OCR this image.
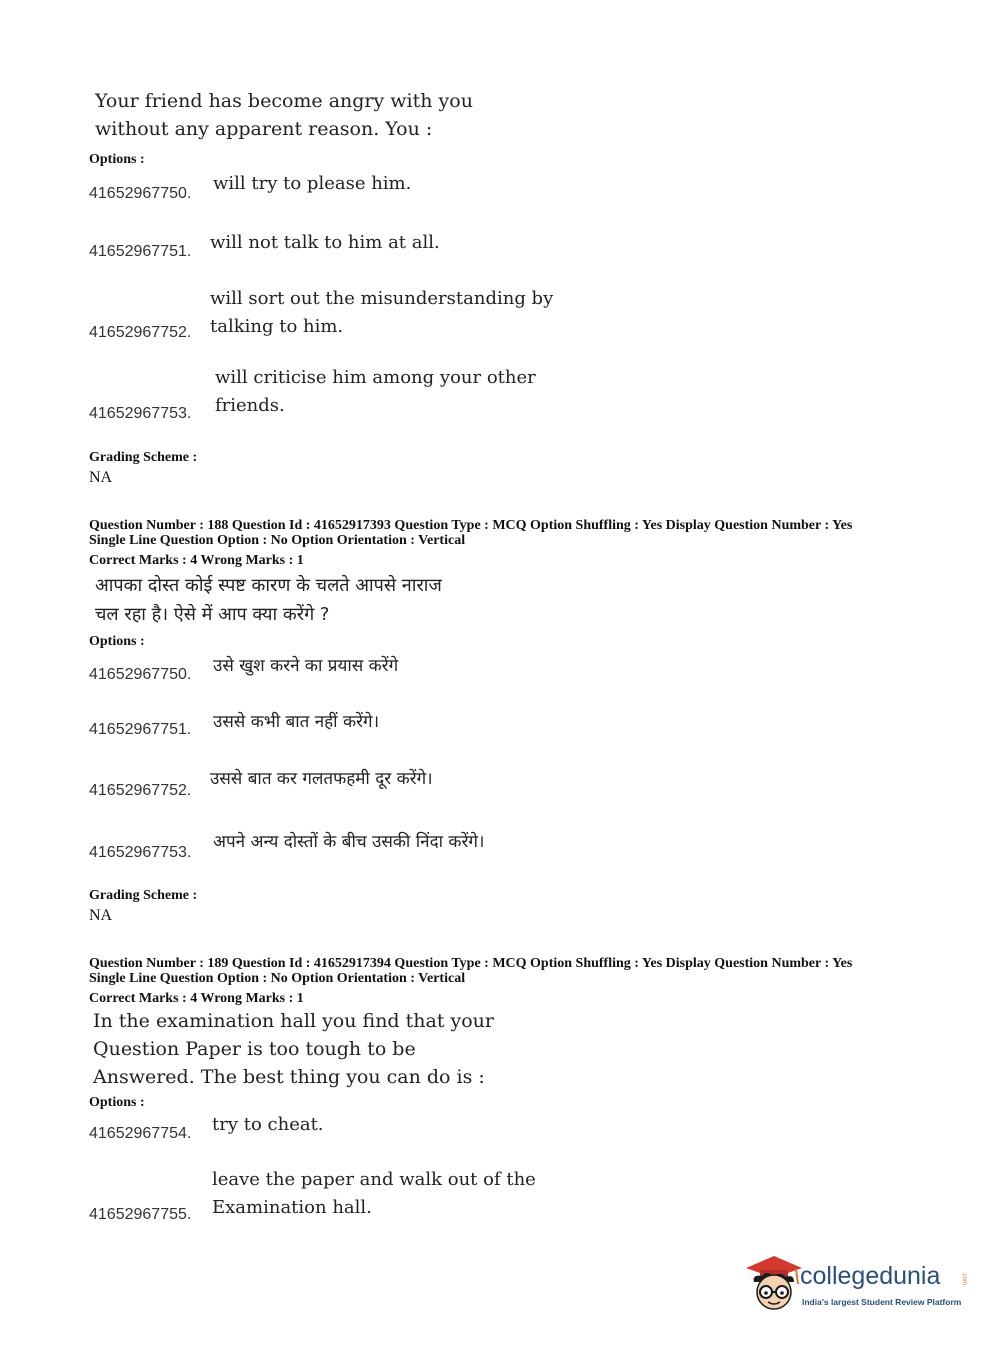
Your friend has become angry with you
without any apparent reason. You :
Options :
41652967750. will try to please him.
41652967751. will not talk to him at all.
will sort out the misunderstanding by
41652967752. talking to him.
will criticise him among your other
41652967753. friends.
Grading Scheme :
NA
Question Number : 188 Question Id : 41652917393 Question Type : MCQ Option Shuffling : Yes Display Question Number : Yes
Single Line Question Option : No Option Orientation : Vertical
Correct Marks : 4 Wrong Marks : 1
आपका दोस्त कोई स्पष्ट कारण के चलते आपसे नाराज
चल रहा है। ऐसे में आप क्या करेंगे ?
Options :
41652967750. उसे खुश करने का प्रयास करेंगे
41652967751. उससे कभी बात नहीं करेंगे।
41652967752.
उससे बात कर गलतफहमी दूर करेंगे।
41652967753.
अपने अन्य दोस्तों के बीच उसकी निंदा करेंगे।
Grading Scheme :
NA
Question Number : 189 Question Id : 41652917394 Question Type : MCQ Option Shuffling : Yes Display Question Number : Yes
Single Line Question Option : No Option Orientation : Vertical
Correct Marks : 4 Wrong Marks : 1
In the examination hall you find that your
Question Paper is too tough to be
Answered. The best thing you can do is :
Options :
41652967754. try to cheat.
leave the paper and walk out of the
41652967755. Examination hall.
collegedunia	.com
India's largest Student Review Platform
